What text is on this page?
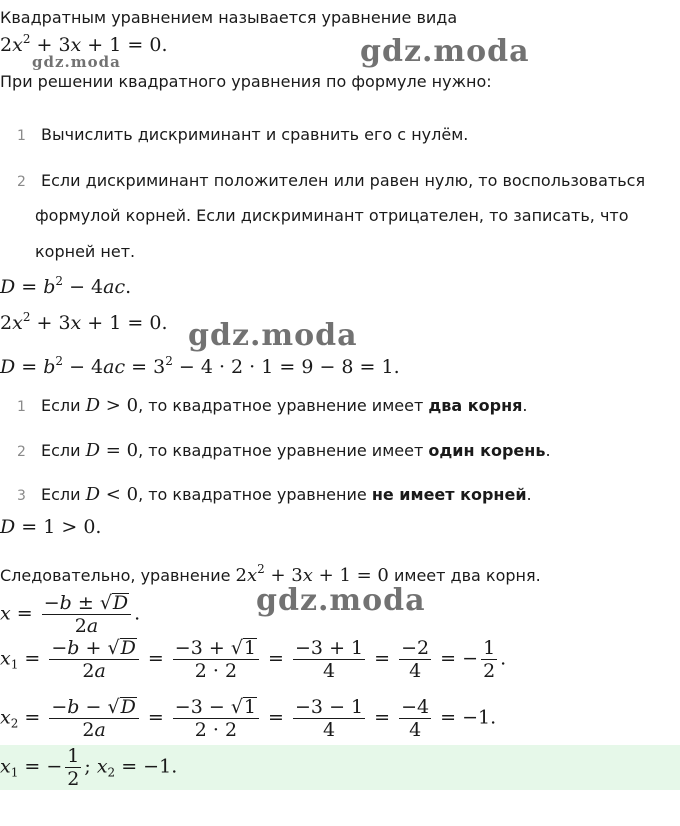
gdz.moda
gdz.moda
gdz.moda
gdz.moda
Квадратным уравнением называется уравнение вида
$2x^2 + 3x + 1 = 0$.
При решении квадратного уравнения по формуле нужно:
1 Вычислить дискриминант и сравнить его с нулём.
2 Если дискриминант положителен или равен нулю, то воспользоваться
формулой корней. Если дискриминант отрицателен, то записать, что
корней нет.
$D = b^2 - 4ac$.
$2x^2 + 3x + 1 = 0$.
$D = b^2 - 4ac = 3^2 - 4 \cdot 2 \cdot 1 = 9 - 8 = 1$.
1 Если D > 0, то квадратное уравнение имеет два корня.
2 Если D = 0, то квадратное уравнение имеет один корень.
3 Если D < 0, то квадратное уравнение не имеет корней.
D = 1 > 0.
Следовательно, уравнение $2x^2 + 3x + 1 = 0$ имеет два корня.
$x = \frac{-b \pm √D}{2a}$ .
$x_1 = \frac{-b + √D}{2a} = \frac{-3 + √1}{2 \cdot 2} = \frac{-3 + 1}{4} = \frac{-2}{4}$ = − $\frac{1}{2}$ .
$x_2 = \frac{-b - √D}{2a} = \frac{-3 - √1}{2 \cdot 2} = \frac{-3 - 1}{4} = \frac{-4}{4} = -1$.
$x_1$ = − $\frac{1}{2}$ ; $x_2 = -1$.
